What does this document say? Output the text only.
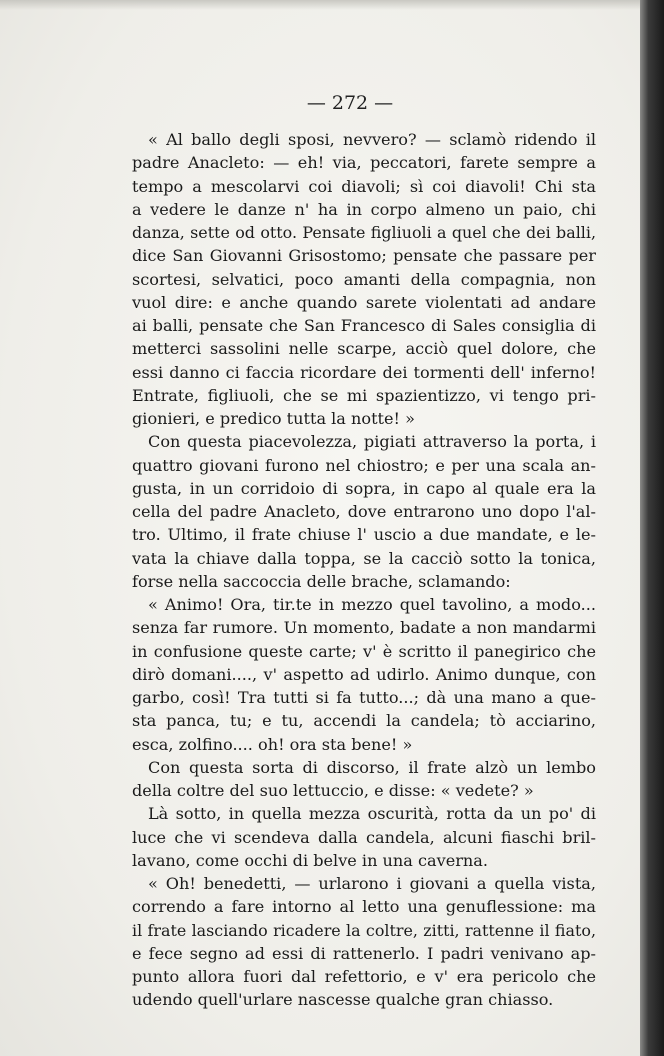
— 272 —
« Al ballo degli sposi, nevvero? — sclamò ridendo il
padre Anacleto: — eh! via, peccatori, farete sempre a
tempo a mescolarvi coi diavoli; sì coi diavoli! Chi sta
a vedere le danze n' ha in corpo almeno un paio, chi
danza, sette od otto. Pensate figliuoli a quel che dei balli,
dice San Giovanni Grisostomo; pensate che passare per
scortesi, selvatici, poco amanti della compagnia, non
vuol dire: e anche quando sarete violentati ad andare
ai balli, pensate che San Francesco di Sales consiglia di
metterci sassolini nelle scarpe, acciò quel dolore, che
essi danno ci faccia ricordare dei tormenti dell' inferno!
Entrate, figliuoli, che se mi spazientizzo, vi tengo pri-
gionieri, e predico tutta la notte! »
Con questa piacevolezza, pigiati attraverso la porta, i
quattro giovani furono nel chiostro; e per una scala an-
gusta, in un corridoio di sopra, in capo al quale era la
cella del padre Anacleto, dove entrarono uno dopo l'al-
tro. Ultimo, il frate chiuse l' uscio a due mandate, e le-
vata la chiave dalla toppa, se la cacciò sotto la tonica,
forse nella saccoccia delle brache, sclamando:
« Animo! Ora, tir.te in mezzo quel tavolino, a modo...
senza far rumore. Un momento, badate a non mandarmi
in confusione queste carte; v' è scritto il panegirico che
dirò domani...., v' aspetto ad udirlo. Animo dunque, con
garbo, così! Tra tutti si fa tutto...; dà una mano a que-
sta panca, tu; e tu, accendi la candela; tò acciarino,
esca, zolfino.... oh! ora sta bene! »
Con questa sorta di discorso, il frate alzò un lembo
della coltre del suo lettuccio, e disse: « vedete? »
Là sotto, in quella mezza oscurità, rotta da un po' di
luce che vi scendeva dalla candela, alcuni fiaschi bril-
lavano, come occhi di belve in una caverna.
« Oh! benedetti, — urlarono i giovani a quella vista,
correndo a fare intorno al letto una genuflessione: ma
il frate lasciando ricadere la coltre, zitti, rattenne il fiato,
e fece segno ad essi di rattenerlo. I padri venivano ap-
punto allora fuori dal refettorio, e v' era pericolo che
udendo quell'urlare nascesse qualche gran chiasso.
